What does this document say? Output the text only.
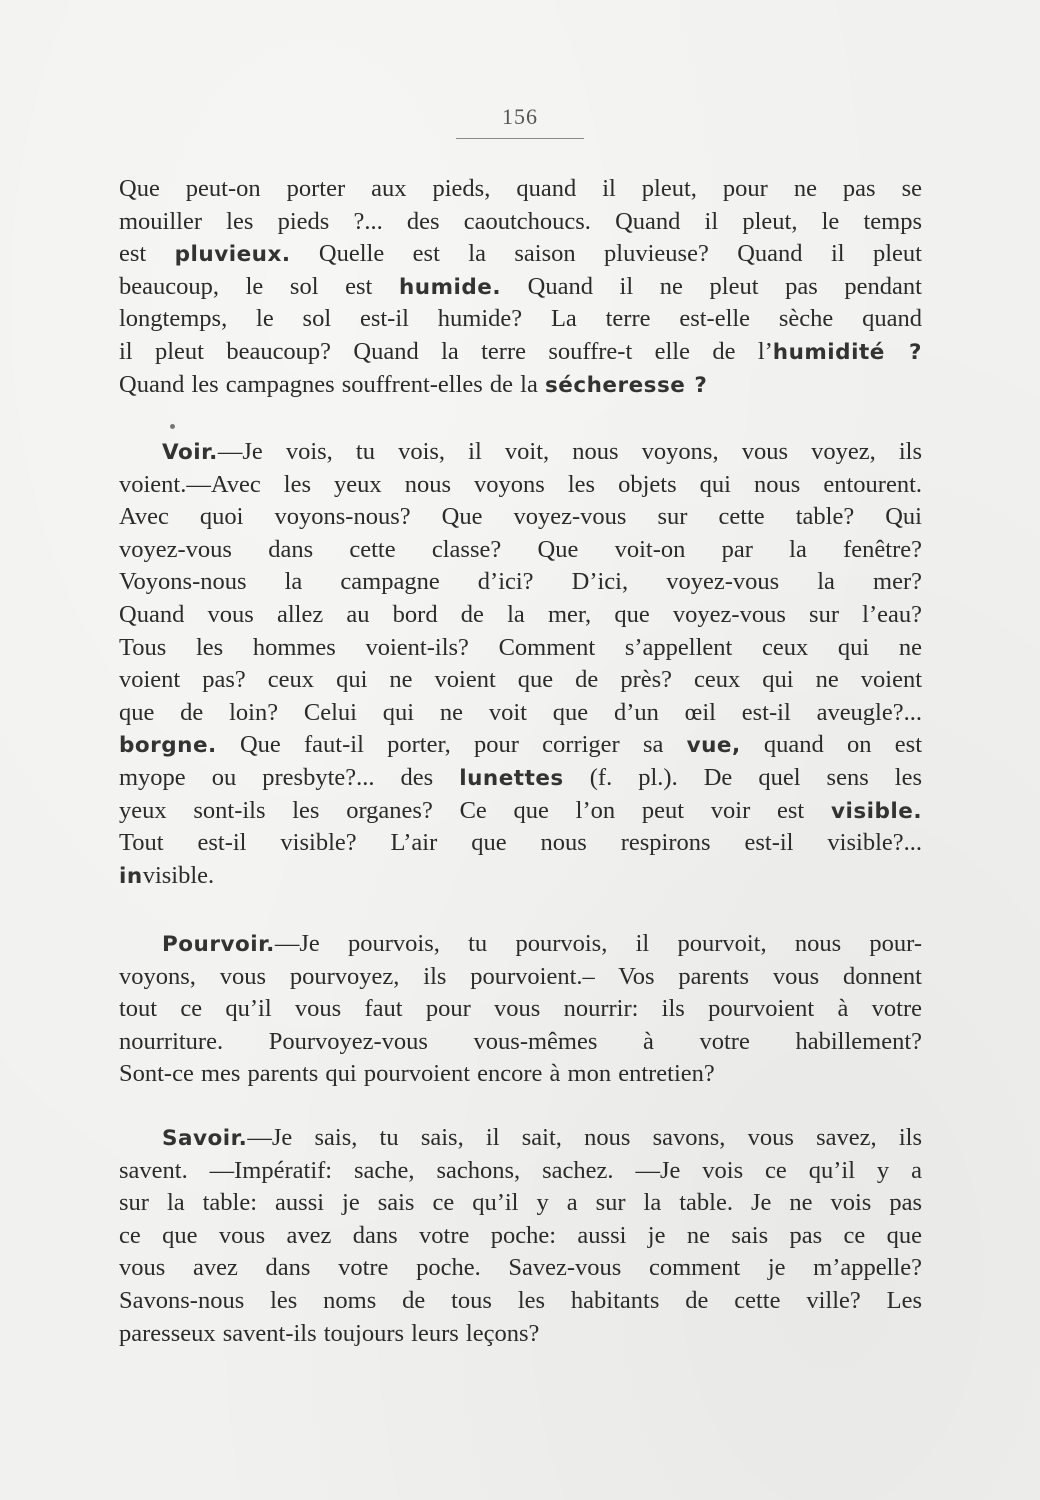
156
Que peut-on porter aux pieds, quand il pleut, pour ne pas se
mouiller les pieds ?... des caoutchoucs. Quand il pleut, le temps
est pluvieux. Quelle est la saison pluvieuse? Quand il pleut
beaucoup, le sol est humide. Quand il ne pleut pas pendant
longtemps, le sol est-il humide? La terre est-elle sèche quand
il pleut beaucoup? Quand la terre souffre-t elle de l’humidité ?
Quand les campagnes souffrent-elles de la sécheresse ?
Voir.—Je vois, tu vois, il voit, nous voyons, vous voyez, ils
voient.—Avec les yeux nous voyons les objets qui nous entourent.
Avec quoi voyons-nous? Que voyez-vous sur cette table? Qui
voyez-vous dans cette classe? Que voit-on par la fenêtre?
Voyons-nous la campagne d’ici? D’ici, voyez-vous la mer?
Quand vous allez au bord de la mer, que voyez-vous sur l’eau?
Tous les hommes voient-ils? Comment s’appellent ceux qui ne
voient pas? ceux qui ne voient que de près? ceux qui ne voient
que de loin? Celui qui ne voit que d’un œil est-il aveugle?...
borgne. Que faut-il porter, pour corriger sa vue, quand on est
myope ou presbyte?... des lunettes (f. pl.). De quel sens les
yeux sont-ils les organes? Ce que l’on peut voir est visible.
Tout est-il visible? L’air que nous respirons est-il visible?...
invisible.
Pourvoir.—Je pourvois, tu pourvois, il pourvoit, nous pour-
voyons, vous pourvoyez, ils pourvoient.– Vos parents vous donnent
tout ce qu’il vous faut pour vous nourrir: ils pourvoient à votre
nourriture. Pourvoyez-vous vous-mêmes à votre habillement?
Sont-ce mes parents qui pourvoient encore à mon entretien?
Savoir.—Je sais, tu sais, il sait, nous savons, vous savez, ils
savent. —Impératif: sache, sachons, sachez. —Je vois ce qu’il y a
sur la table: aussi je sais ce qu’il y a sur la table. Je ne vois pas
ce que vous avez dans votre poche: aussi je ne sais pas ce que
vous avez dans votre poche. Savez-vous comment je m’appelle?
Savons-nous les noms de tous les habitants de cette ville? Les
paresseux savent-ils toujours leurs leçons?
